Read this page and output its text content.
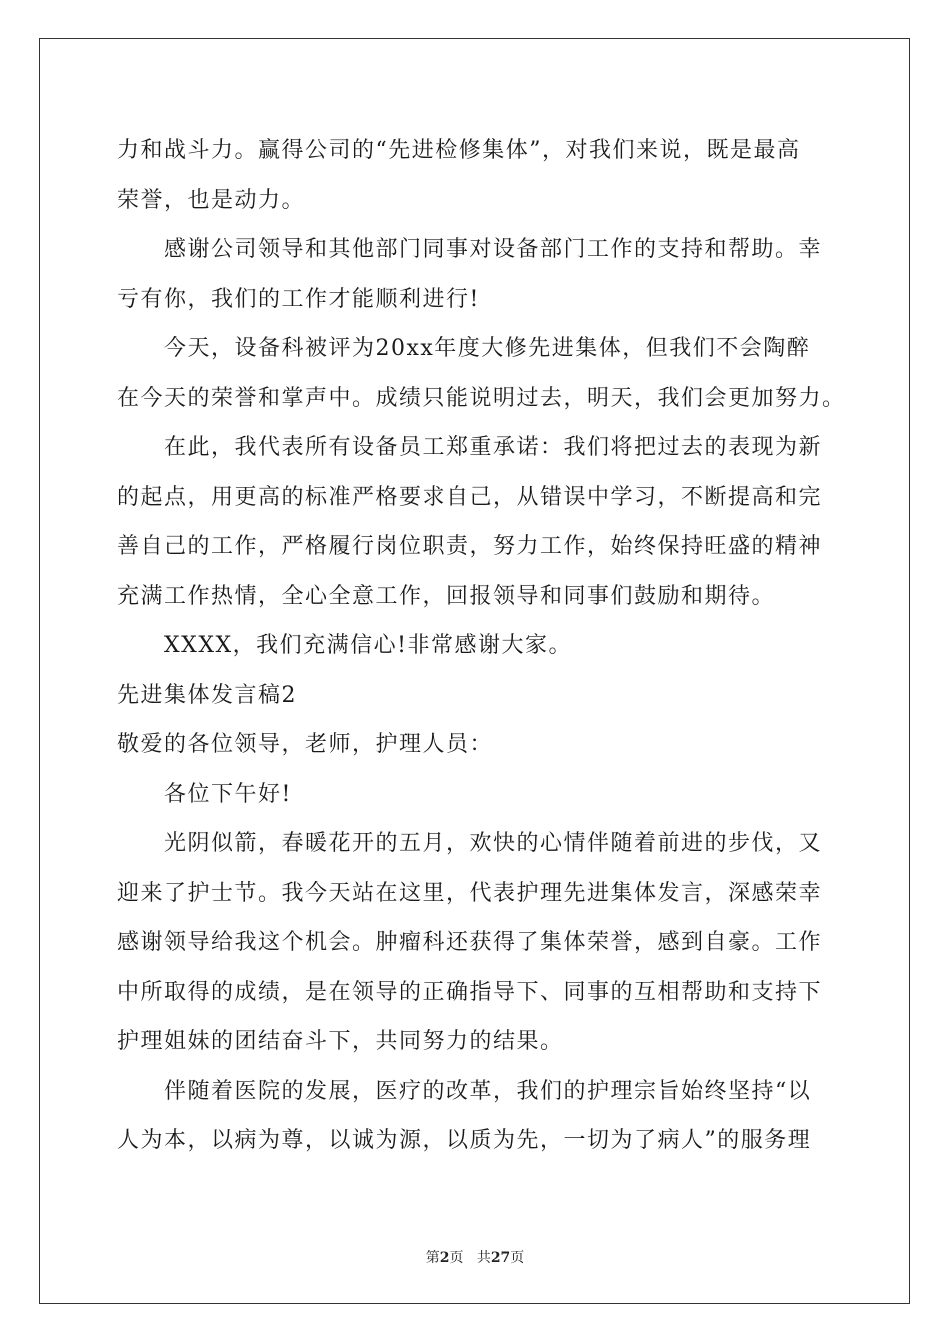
力和战斗力。赢得公司的“先进检修集体”，对我们来说，既是最高
荣誉，也是动力。
感谢公司领导和其他部门同事对设备部门工作的支持和帮助。幸
亏有你，我们的工作才能顺利进行!
今天，设备科被评为20xx年度大修先进集体，但我们不会陶醉
在今天的荣誉和掌声中。成绩只能说明过去，明天，我们会更加努力。
在此，我代表所有设备员工郑重承诺：我们将把过去的表现为新
的起点，用更高的标准严格要求自己，从错误中学习，不断提高和完
善自己的工作，严格履行岗位职责，努力工作，始终保持旺盛的精神
充满工作热情，全心全意工作，回报领导和同事们鼓励和期待。
XXXX，我们充满信心!非常感谢大家。
先进集体发言稿2
敬爱的各位领导，老师，护理人员：
各位下午好!
光阴似箭，春暖花开的五月，欢快的心情伴随着前进的步伐，又
迎来了护士节。我今天站在这里，代表护理先进集体发言，深感荣幸
感谢领导给我这个机会。肿瘤科还获得了集体荣誉，感到自豪。工作
中所取得的成绩，是在领导的正确指导下、同事的互相帮助和支持下
护理姐妹的团结奋斗下，共同努力的结果。
伴随着医院的发展，医疗的改革，我们的护理宗旨始终坚持“以
人为本，以病为尊，以诚为源，以质为先，一切为了病人”的服务理
第2页 共27页
